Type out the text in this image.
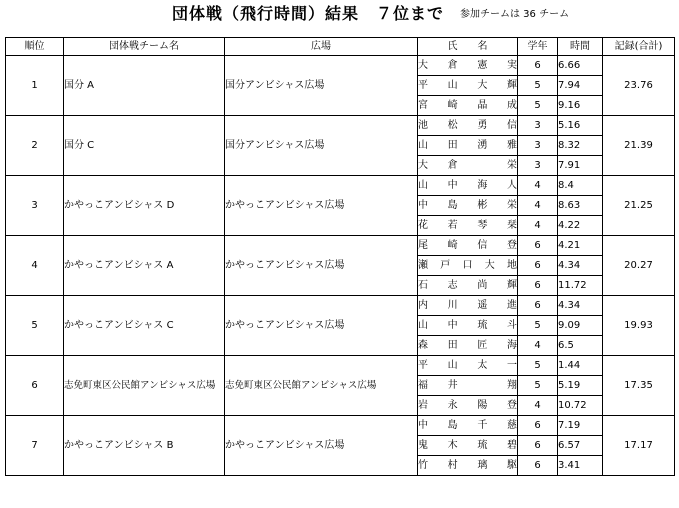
団体戦（飛行時間）結果　７位まで 参加チームは 36 チーム
順位	団体戦チーム名	広場	氏　　名	学年	時間	記録(合計)
1	国分 A	国分アンビシャス広場	大倉憲実	6	6.66	23.76
			平山大輝	5	7.94	
			宮崎晶成	5	9.16	
2	国分 C	国分アンビシャス広場	池松勇信	3	5.16	21.39
			山田湧雅	3	8.32	
			大倉　栄	3	7.91	
3	かやっこアンビシャス D	かやっこアンビシャス広場	山中海人	4	8.4	21.25
			中島彬栄	4	8.63	
			花若琴栞	4	4.22	
4	かやっこアンビシャス A	かやっこアンビシャス広場	尾崎信登	6	4.21	20.27
			瀬戸口大地	6	4.34	
			石志尚輝	6	11.72	
5	かやっこアンビシャス C	かやっこアンビシャス広場	内川遥進	6	4.34	19.93
			山中琉斗	5	9.09	
			森田匠海	4	6.5	
6	志免町東区公民館アンビシャス広場	志免町東区公民館アンビシャス広場	平山太一	5	1.44	17.35
			福井　翔	5	5.19	
			岩永陽登	4	10.72	
7	かやっこアンビシャス B	かやっこアンビシャス広場	中島千慈	6	7.19	17.17
			鬼木琉碧	6	6.57	
			竹村璃駆	6	3.41	
